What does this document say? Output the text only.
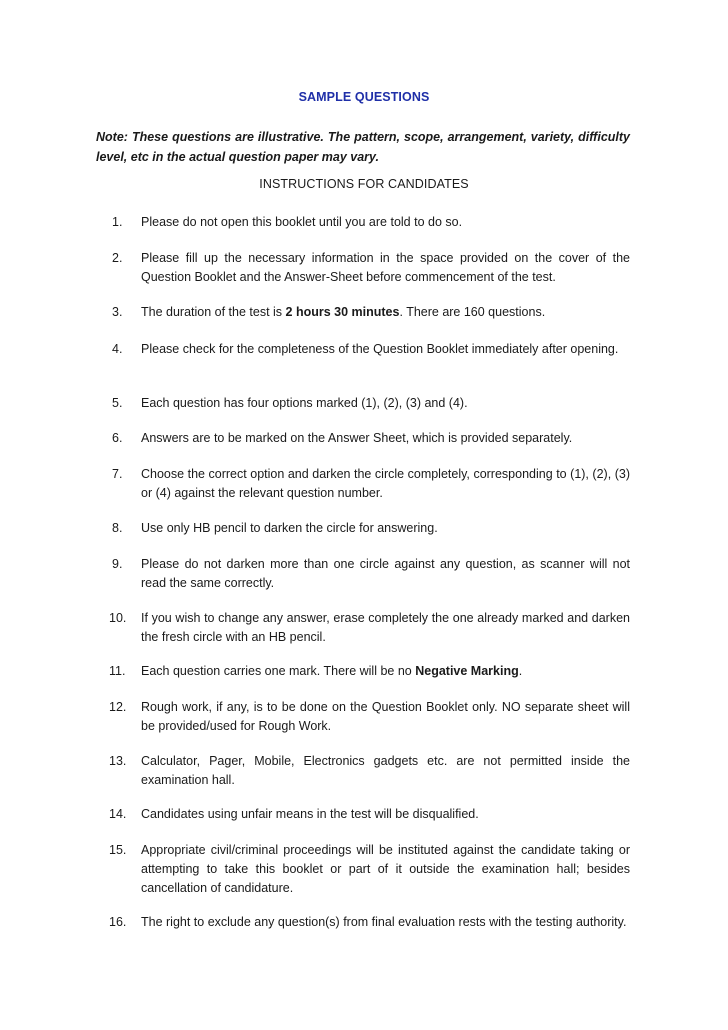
SAMPLE QUESTIONS
Note: These questions are illustrative. The pattern, scope, arrangement, variety, difficulty level, etc in the actual question paper may vary.
INSTRUCTIONS FOR CANDIDATES
1.	Please do not open this booklet until you are told to do so.
2.	Please fill up the necessary information in the space provided on the cover of the Question Booklet and the Answer-Sheet before commencement of the test.
3.	The duration of the test is 2 hours 30 minutes. There are 160 questions.
4.	Please check for the completeness of the Question Booklet immediately after opening.
5.	Each question has four options marked (1), (2), (3) and (4).
6.	Answers are to be marked on the Answer Sheet, which is provided separately.
7.	Choose the correct option and darken the circle completely, corresponding to (1), (2), (3) or (4) against the relevant question number.
8.	Use only HB pencil to darken the circle for answering.
9.	Please do not darken more than one circle against any question, as scanner will not read the same correctly.
10.	If you wish to change any answer, erase completely the one already marked and darken the fresh circle with an HB pencil.
11.	Each question carries one mark. There will be no Negative Marking.
12.	Rough work, if any, is to be done on the Question Booklet only. NO separate sheet will be provided/used for Rough Work.
13.	Calculator, Pager, Mobile, Electronics gadgets etc. are not permitted inside the examination hall.
14.	Candidates using unfair means in the test will be disqualified.
15.	Appropriate civil/criminal proceedings will be instituted against the candidate taking or attempting to take this booklet or part of it outside the examination hall; besides cancellation of candidature.
16.	The right to exclude any question(s) from final evaluation rests with the testing authority.
